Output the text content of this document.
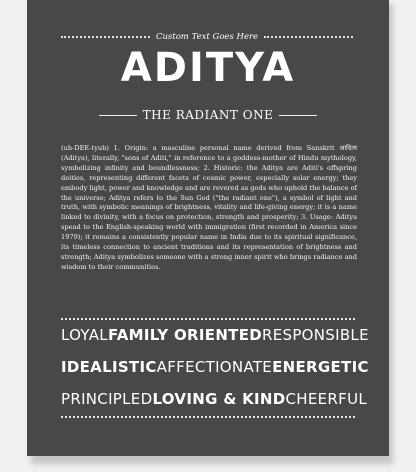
Custom Text Goes Here
ADITYA
THE RADIANT ONE
(uh-DEE-tyuh) 1. Origin: a masculine personal name derived from Sanskrit आदित्य (Aditya), literally, "sons of Aditi," in reference to a goddess-mother of Hindu mythology, symbolizing infinity and boundlessness; 2. Historic: the Aditya are Aditi's offspring deities, representing different facets of cosmic power, especially solar energy; they embody light, power and knowledge and are revered as gods who uphold the balance of the universe; Aditya refers to the Sun God ("the radiant one"), a symbol of light and truth, with symbolic meanings of brightness, vitality and life-giving energy; it is a name linked to divinity, with a focus on protection, strength and prosperity; 3. Usage: Aditya spead to the English-speaking world with immigration (first recorded in America since 1979); it remains a consistently popular name in India due to its spiritual significance, its timeless connection to ancient traditions and its representation of brightness and strength; Aditya symbolizes someone with a strong inner spirit who brings radiance and wisdom to their communities.
LOYAL FAMILY ORIENTED RESPONSIBLE
IDEALISTIC AFFECTIONATE ENERGETIC
PRINCIPLED LOVING & KIND CHEERFUL
